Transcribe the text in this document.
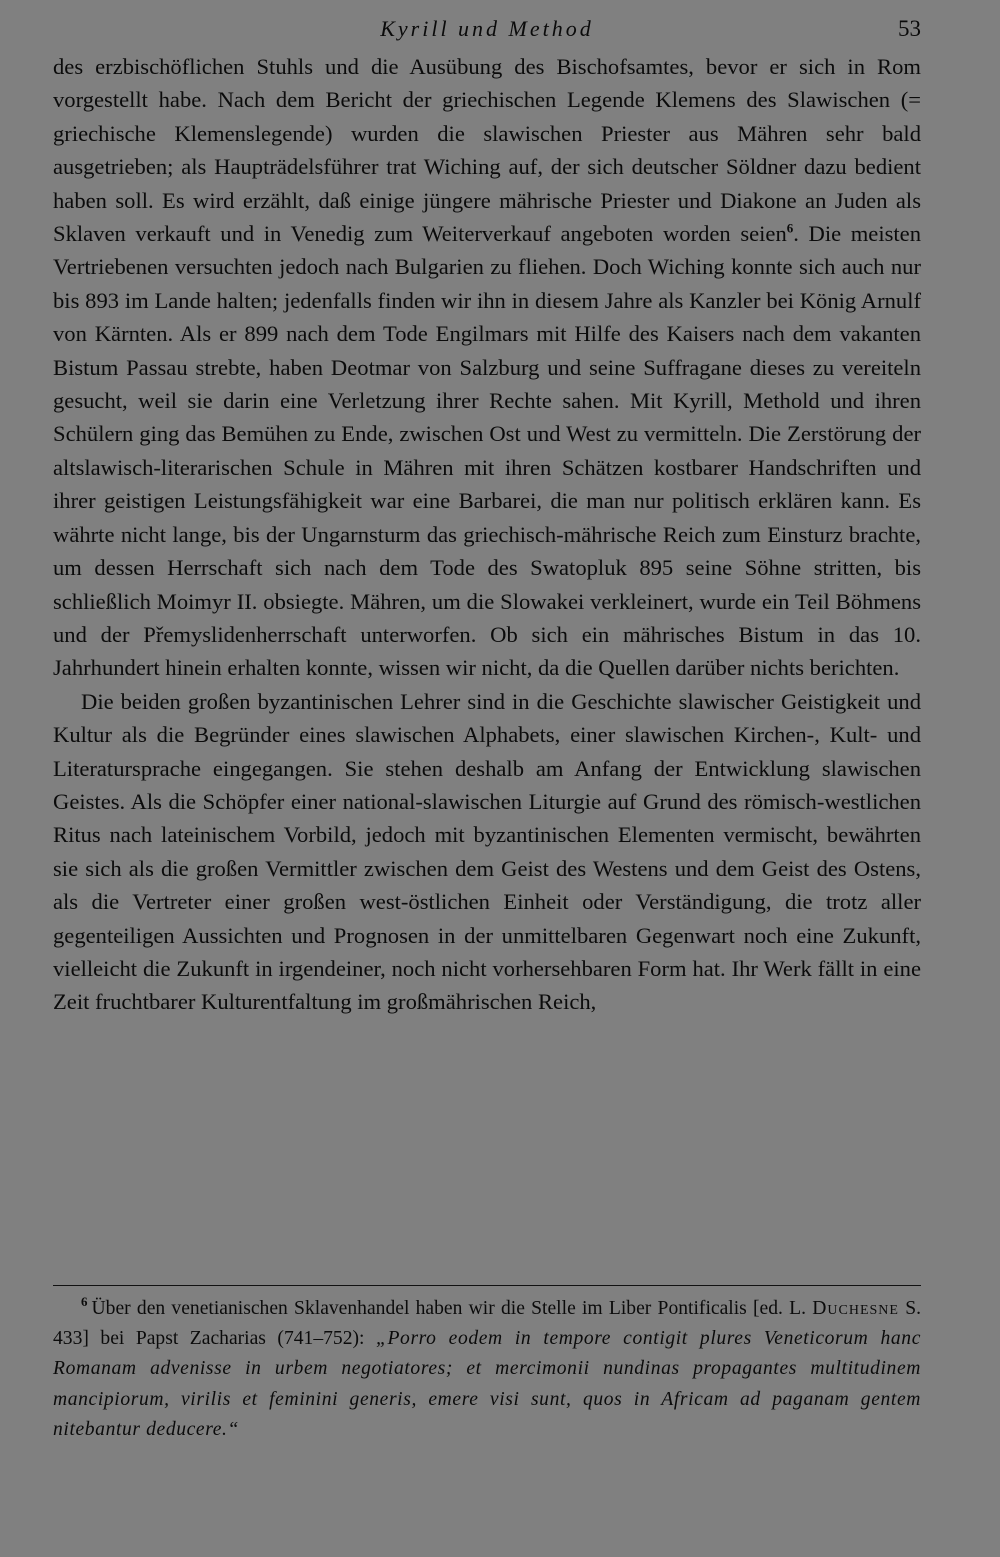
Kyrill und Method	53

des erzbischöflichen Stuhls und die Ausübung des Bischofsamtes, bevor er sich in Rom vorgestellt habe. Nach dem Bericht der griechischen Legende Klemens des Slawischen (= griechische Klemenslegende) wurden die slawischen Priester aus Mähren sehr bald ausgetrieben; als Haupträdelsführer trat Wiching auf, der sich deutscher Söldner dazu bedient haben soll. Es wird erzählt, daß einige jüngere mährische Priester und Diakone an Juden als Sklaven verkauft und in Venedig zum Weiterverkauf angeboten worden seien$^6$. Die meisten Vertriebenen versuchten jedoch nach Bulgarien zu fliehen. Doch Wiching konnte sich auch nur bis 893 im Lande halten; jedenfalls finden wir ihn in diesem Jahre als Kanzler bei König Arnulf von Kärnten. Als er 899 nach dem Tode Engilmars mit Hilfe des Kaisers nach dem vakanten Bistum Passau strebte, haben Deotmar von Salzburg und seine Suffragane dieses zu vereiteln gesucht, weil sie darin eine Verletzung ihrer Rechte sahen. Mit Kyrill, Methold und ihren Schülern ging das Bemühen zu Ende, zwischen Ost und West zu vermitteln. Die Zerstörung der altslawisch-literarischen Schule in Mähren mit ihren Schätzen kostbarer Handschriften und ihrer geistigen Leistungsfähigkeit war eine Barbarei, die man nur politisch erklären kann. Es währte nicht lange, bis der Ungarnsturm das griechisch-mährische Reich zum Einsturz brachte, um dessen Herrschaft sich nach dem Tode des Swatopluk 895 seine Söhne stritten, bis schließlich Moimyr II. obsiegte. Mähren, um die Slowakei verkleinert, wurde ein Teil Böhmens und der Přemyslidenherrschaft unterworfen. Ob sich ein mährisches Bistum in das 10. Jahrhundert hinein erhalten konnte, wissen wir nicht, da die Quellen darüber nichts berichten.

Die beiden großen byzantinischen Lehrer sind in die Geschichte slawischer Geistigkeit und Kultur als die Begründer eines slawischen Alphabets, einer slawischen Kirchen-, Kult- und Literatursprache eingegangen. Sie stehen deshalb am Anfang der Entwicklung slawischen Geistes. Als die Schöpfer einer national-slawischen Liturgie auf Grund des römisch-westlichen Ritus nach lateinischem Vorbild, jedoch mit byzantinischen Elementen vermischt, bewährten sie sich als die großen Vermittler zwischen dem Geist des Westens und dem Geist des Ostens, als die Vertreter einer großen west-östlichen Einheit oder Verständigung, die trotz aller gegenteiligen Aussichten und Prognosen in der unmittelbaren Gegenwart noch eine Zukunft, vielleicht die Zukunft in irgendeiner, noch nicht vorhersehbaren Form hat. Ihr Werk fällt in eine Zeit fruchtbarer Kulturentfaltung im großmährischen Reich,

$^6$ Über den venetianischen Sklavenhandel haben wir die Stelle im Liber Pontificalis [ed. L. Duchesne S. 433] bei Papst Zacharias (741–752): „Porro eodem in tempore contigit plures Veneticorum hanc Romanam advenisse in urbem negotiatores; et mercimonii nundinas propagantes multitudinem mancipiorum, virilis et feminini generis, emere visi sunt, quos in Africam ad paganam gentem nitebantur deducere.“
